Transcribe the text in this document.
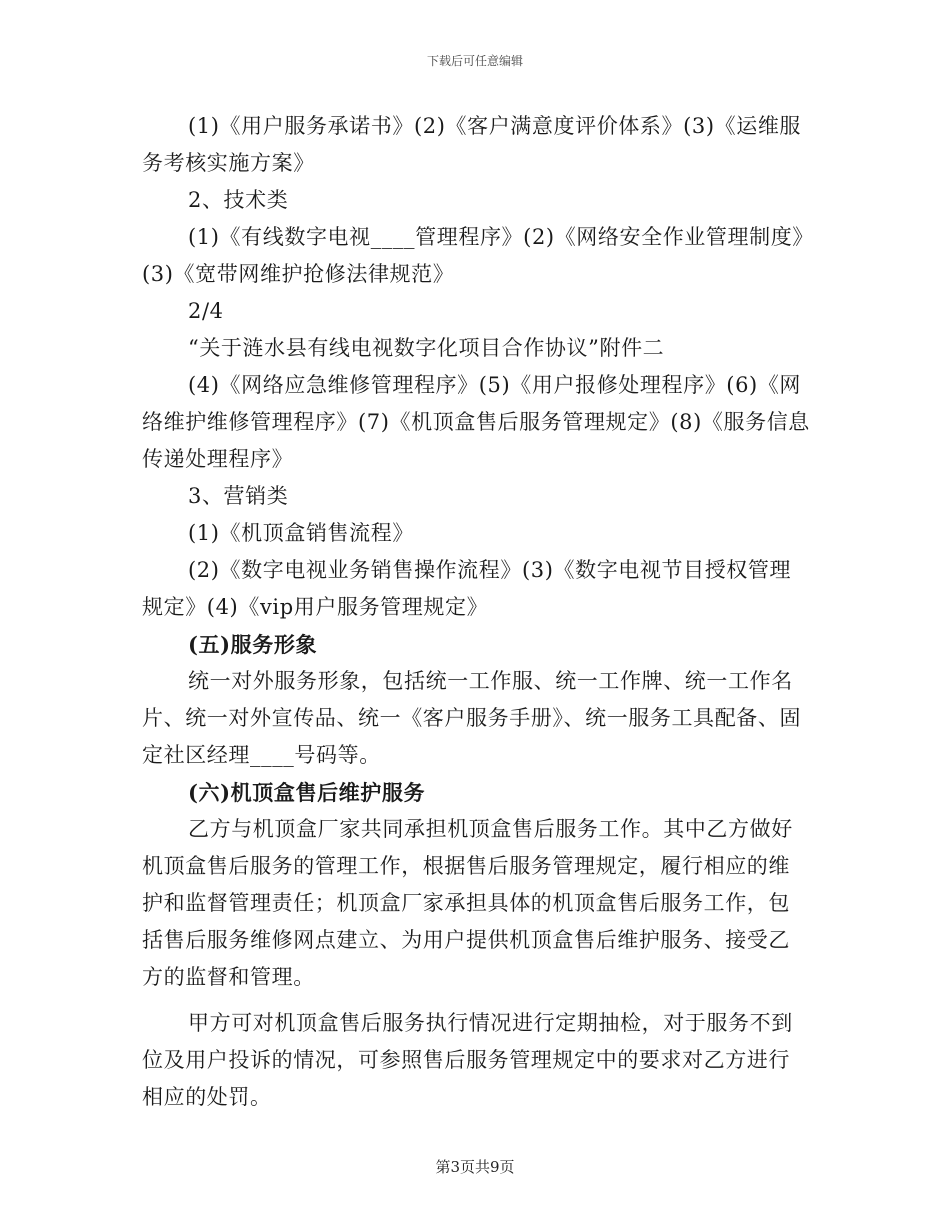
下载后可任意编辑

(1)《用户服务承诺书》(2)《客户满意度评价体系》(3)《运维服务考核实施方案》

2、技术类

(1)《有线数字电视____管理程序》(2)《网络安全作业管理制度》(3)《宽带网维护抢修法律规范》

2/4

“关于涟水县有线电视数字化项目合作协议”附件二

(4)《网络应急维修管理程序》(5)《用户报修处理程序》(6)《网络维护维修管理程序》(7)《机顶盒售后服务管理规定》(8)《服务信息传递处理程序》

3、营销类

(1)《机顶盒销售流程》

(2)《数字电视业务销售操作流程》(3)《数字电视节目授权管理规定》(4)《vip用户服务管理规定》

(五)服务形象

统一对外服务形象，包括统一工作服、统一工作牌、统一工作名片、统一对外宣传品、统一《客户服务手册》、统一服务工具配备、固定社区经理____号码等。

(六)机顶盒售后维护服务

乙方与机顶盒厂家共同承担机顶盒售后服务工作。其中乙方做好机顶盒售后服务的管理工作，根据售后服务管理规定，履行相应的维护和监督管理责任；机顶盒厂家承担具体的机顶盒售后服务工作，包括售后服务维修网点建立、为用户提供机顶盒售后维护服务、接受乙方的监督和管理。

甲方可对机顶盒售后服务执行情况进行定期抽检，对于服务不到位及用户投诉的情况，可参照售后服务管理规定中的要求对乙方进行相应的处罚。

第3页共9页
